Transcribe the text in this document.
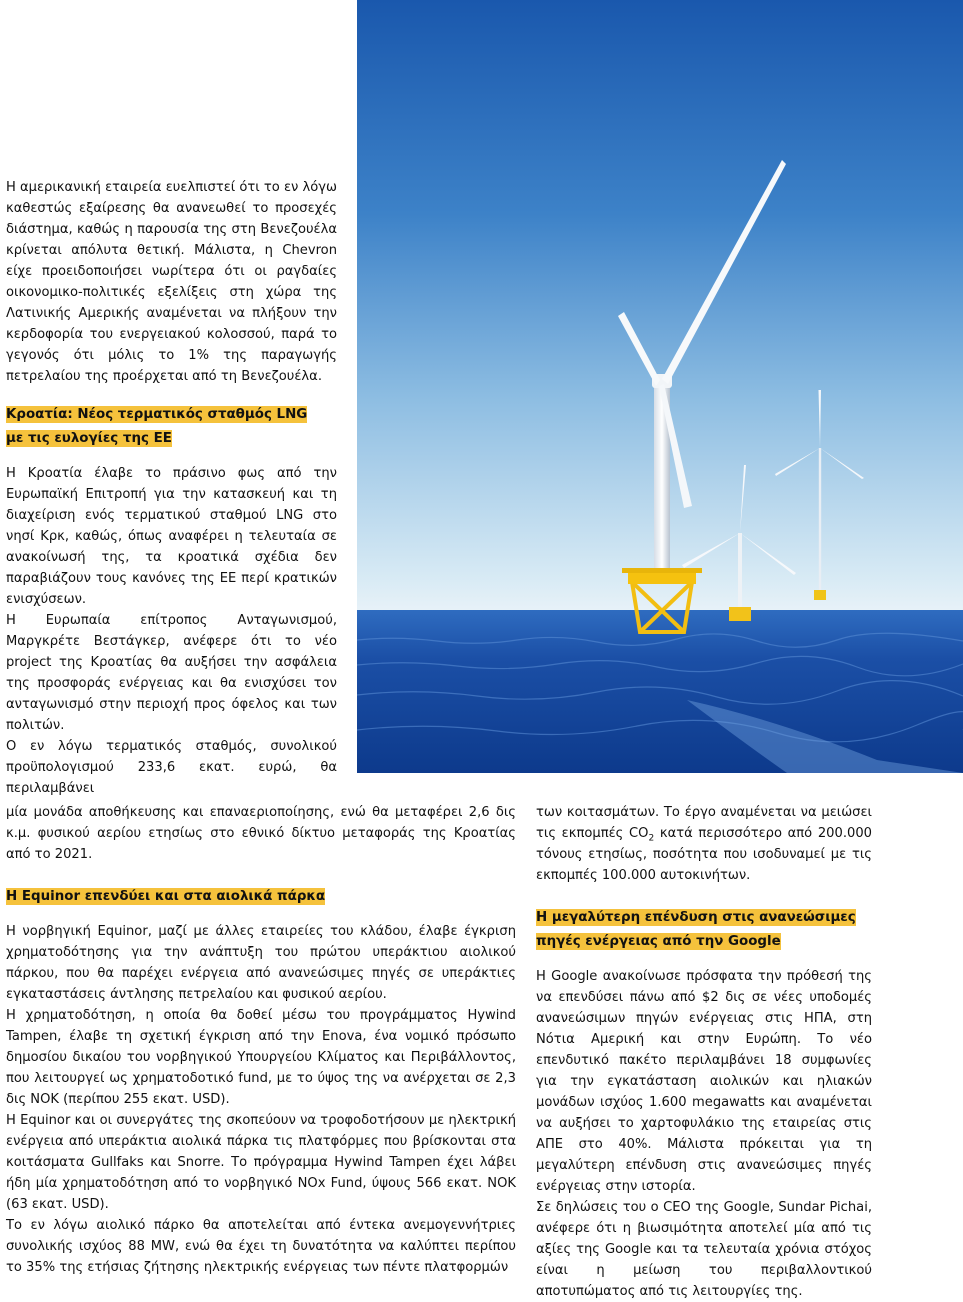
Η αμερικανική εταιρεία ευελπιστεί ότι το εν λόγω καθεστώς εξαίρεσης θα ανανεωθεί το προσεχές διάστημα, καθώς η παρουσία της στη Βενεζουέλα κρίνεται απόλυτα θετική. Μάλιστα, η Chevron είχε προειδοποιήσει νωρίτερα ότι οι ραγδαίες οικονομικο-πολιτικές εξελίξεις στη χώρα της Λατινικής Αμερικής αναμένεται να πλήξουν την κερδοφορία του ενεργειακού κολοσσού, παρά το γεγονός ότι μόλις το 1% της παραγωγής πετρελαίου της προέρχεται από τη Βενεζουέλα.

Κροατία: Νέος τερματικός σταθμός LNG
με τις ευλογίες της ΕΕ

Η Κροατία έλαβε το πράσινο φως από την Ευρωπαϊκή Επιτροπή για την κατασκευή και τη διαχείριση ενός τερματικού σταθμού LNG στο νησί Κρκ, καθώς, όπως αναφέρει η τελευταία σε ανακοίνωσή της, τα κροατικά σχέδια δεν παραβιάζουν τους κανόνες της ΕΕ περί κρατικών ενισχύσεων.

Η Ευρωπαία επίτροπος Ανταγωνισμού, Μαργκρέτε Βεστάγκερ, ανέφερε ότι το νέο project της Κροατίας θα αυξήσει την ασφάλεια της προσφοράς ενέργειας και θα ενισχύσει τον ανταγωνισμό στην περιοχή προς όφελος και των πολιτών.

Ο εν λόγω τερματικός σταθμός, συνολικού προϋπολογισμού 233,6 εκατ. ευρώ, θα περιλαμβάνει

μία μονάδα αποθήκευσης και επαναεριοποίησης, ενώ θα μεταφέρει 2,6 δις κ.μ. φυσικού αερίου ετησίως στο εθνικό δίκτυο μεταφοράς της Κροατίας από το 2021.

Η Equinor επενδύει και στα αιολικά πάρκα

Η νορβηγική Equinor, μαζί με άλλες εταιρείες του κλάδου, έλαβε έγκριση χρηματοδότησης για την ανάπτυξη του πρώτου υπεράκτιου αιολικού πάρκου, που θα παρέχει ενέργεια από ανανεώσιμες πηγές σε υπεράκτιες εγκαταστάσεις άντλησης πετρελαίου και φυσικού αερίου.

Η χρηματοδότηση, η οποία θα δοθεί μέσω του προγράμματος Hywind Tampen, έλαβε τη σχετική έγκριση από την Enova, ένα νομικό πρόσωπο δημοσίου δικαίου του νορβηγικού Υπουργείου Κλίματος και Περιβάλλοντος, που λειτουργεί ως χρηματοδοτικό fund, με το ύψος της να ανέρχεται σε 2,3 δις NOK (περίπου 255 εκατ. USD).

Η Equinor και οι συνεργάτες της σκοπεύουν να τροφοδοτήσουν με ηλεκτρική ενέργεια από υπεράκτια αιολικά πάρκα τις πλατφόρμες που βρίσκονται στα κοιτάσματα Gullfaks και Snorre. Το πρόγραμμα Hywind Tampen έχει λάβει ήδη μία χρηματοδότηση από το νορβηγικό NOx Fund, ύψους 566 εκατ. NOK (63 εκατ. USD).

Το εν λόγω αιολικό πάρκο θα αποτελείται από έντεκα ανεμογεννήτριες συνολικής ισχύος 88 MW, ενώ θα έχει τη δυνατότητα να καλύπτει περίπου το 35% της ετήσιας ζήτησης ηλεκτρικής ενέργειας των πέντε πλατφορμών

των κοιτασμάτων. Το έργο αναμένεται να μειώσει τις εκπομπές $CO_2$ κατά περισσότερο από 200.000 τόνους ετησίως, ποσότητα που ισοδυναμεί με τις εκπομπές 100.000 αυτοκινήτων.

Η μεγαλύτερη επένδυση στις ανανεώσιμες
πηγές ενέργειας από την Google

Η Google ανακοίνωσε πρόσφατα την πρόθεσή της να επενδύσει πάνω από $2 δις σε νέες υποδομές ανανεώσιμων πηγών ενέργειας στις ΗΠΑ, στη Νότια Αμερική και στην Ευρώπη. Το νέο επενδυτικό πακέτο περιλαμβάνει 18 συμφωνίες για την εγκατάσταση αιολικών και ηλιακών μονάδων ισχύος 1.600 megawatts και αναμένεται να αυξήσει το χαρτοφυλάκιο της εταιρείας στις ΑΠΕ στο 40%. Μάλιστα πρόκειται για τη μεγαλύτερη επένδυση στις ανανεώσιμες πηγές ενέργειας στην ιστορία.

Σε δηλώσεις του ο CEO της Google, Sundar Pichai, ανέφερε ότι η βιωσιμότητα αποτελεί μία από τις αξίες της Google και τα τελευταία χρόνια στόχος είναι η μείωση του περιβαλλοντικού αποτυπώματος από τις λειτουργίες της.
